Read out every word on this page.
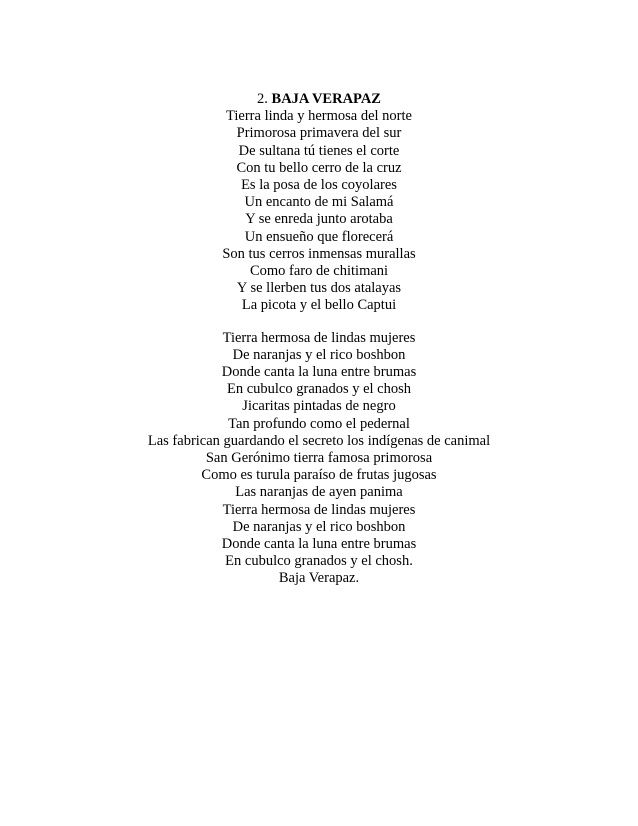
2. BAJA VERAPAZ
Tierra linda y hermosa del norte
Primorosa primavera del sur
De sultana tú tienes el corte
Con tu bello cerro de la cruz
Es la posa de los coyolares
Un encanto de mi Salamá
Y se enreda junto arotaba
Un ensueño que florecerá
Son tus cerros inmensas murallas
Como faro de chitimani
Y se llerben tus dos atalayas
La picota y el bello Captui
Tierra hermosa de lindas mujeres
De naranjas y el rico boshbon
Donde canta la luna entre brumas
En cubulco granados y el chosh
Jicaritas pintadas de negro
Tan profundo como el pedernal
Las fabrican guardando el secreto los indígenas de canimal
San Gerónimo tierra famosa primorosa
Como es turula paraíso de frutas jugosas
Las naranjas de ayen panima
Tierra hermosa de lindas mujeres
De naranjas y el rico boshbon
Donde canta la luna entre brumas
En cubulco granados y el chosh.
Baja Verapaz.
